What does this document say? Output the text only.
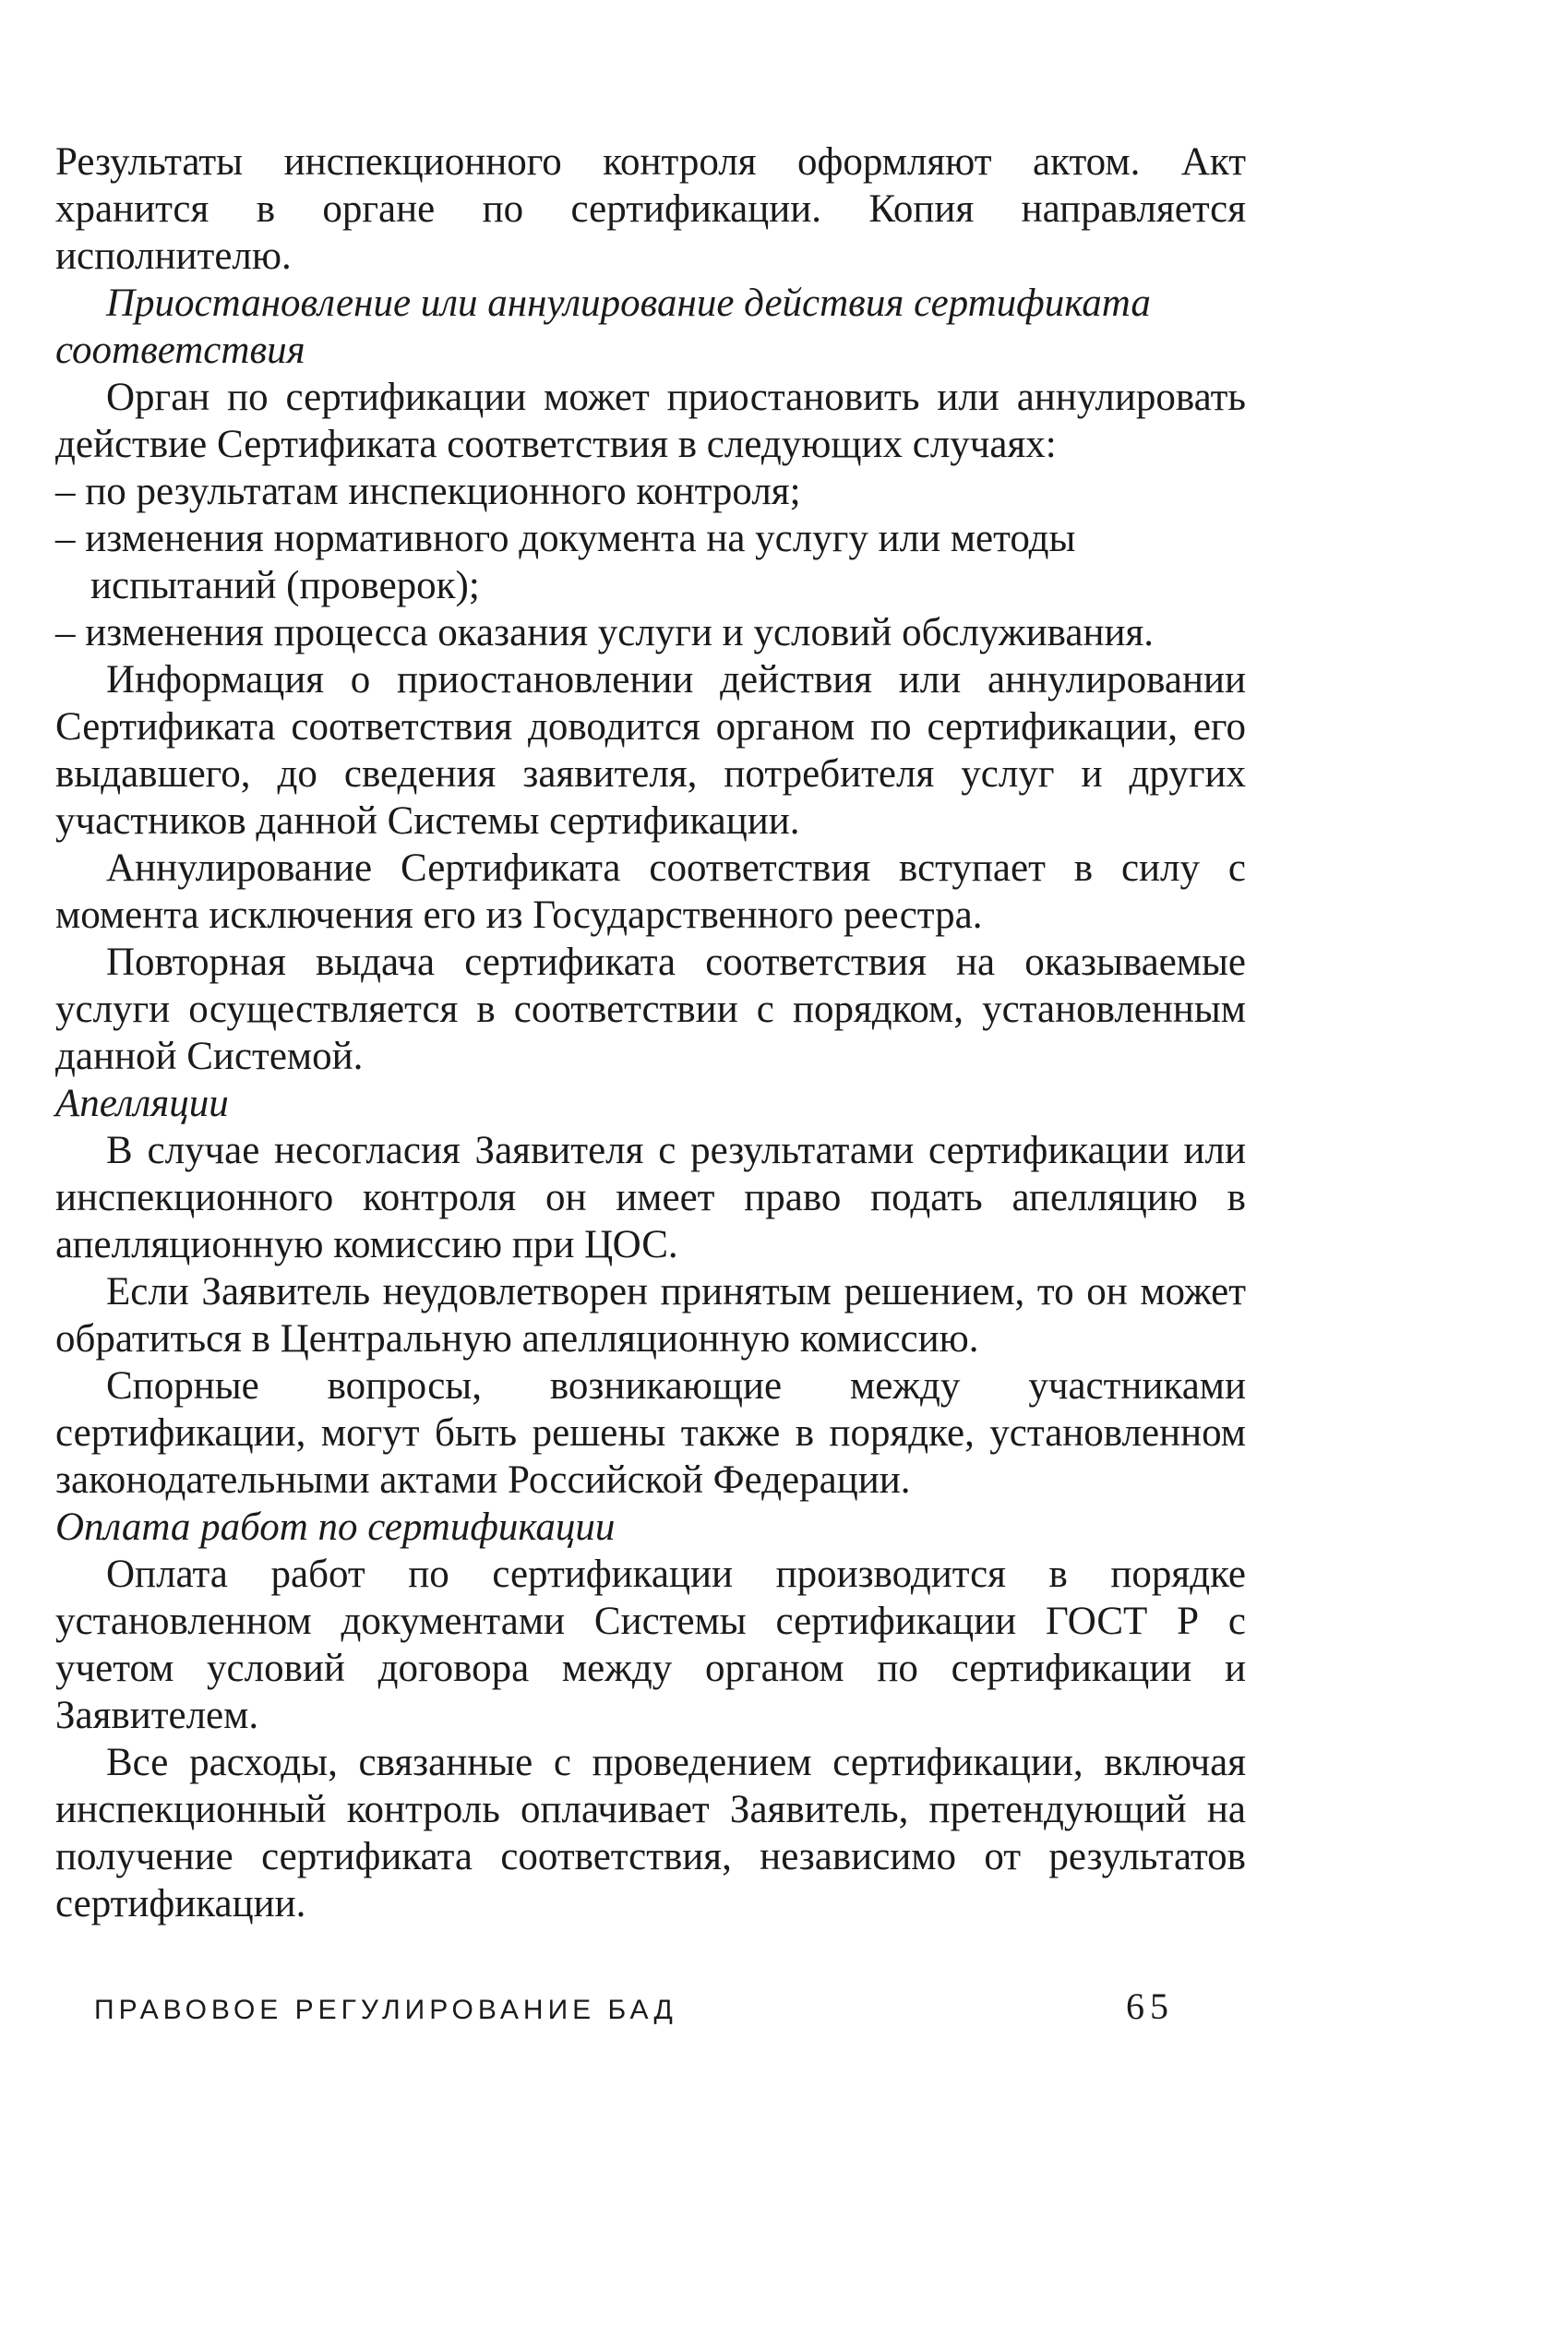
Результаты инспекционного контроля оформляют актом. Акт хранится в органе по сертификации. Копия направляется исполнителю.

Приостановление или аннулирование действия сертификата соответствия

Орган по сертификации может приостановить или аннулировать действие Сертификата соответствия в следующих случаях:

– по результатам инспекционного контроля;
– изменения нормативного документа на услугу или методы испытаний (проверок);
– изменения процесса оказания услуги и условий обслуживания.

Информация о приостановлении действия или аннулировании Сертификата соответствия доводится органом по сертификации, его выдавшего, до сведения заявителя, потребителя услуг и других участников данной Системы сертификации.

Аннулирование Сертификата соответствия вступает в силу с момента исключения его из Государственного реестра.

Повторная выдача сертификата соответствия на оказываемые услуги осуществляется в соответствии с порядком, установленным данной Системой.

Апелляции

В случае несогласия Заявителя с результатами сертификации или инспекционного контроля он имеет право подать апелляцию в апелляционную комиссию при ЦОС.

Если Заявитель неудовлетворен принятым решением, то он может обратиться в Центральную апелляционную комиссию.

Спорные вопросы, возникающие между участниками сертификации, могут быть решены также в порядке, установленном законодательными актами Российской Федерации.

Оплата работ по сертификации

Оплата работ по сертификации производится в порядке установленном документами Системы сертификации ГОСТ Р с учетом условий договора между органом по сертификации и Заявителем.

Все расходы, связанные с проведением сертификации, включая инспекционный контроль оплачивает Заявитель, претендующий на получение сертификата соответствия, независимо от результатов сертификации.

ПРАВОВОЕ РЕГУЛИРОВАНИЕ БАД	65
